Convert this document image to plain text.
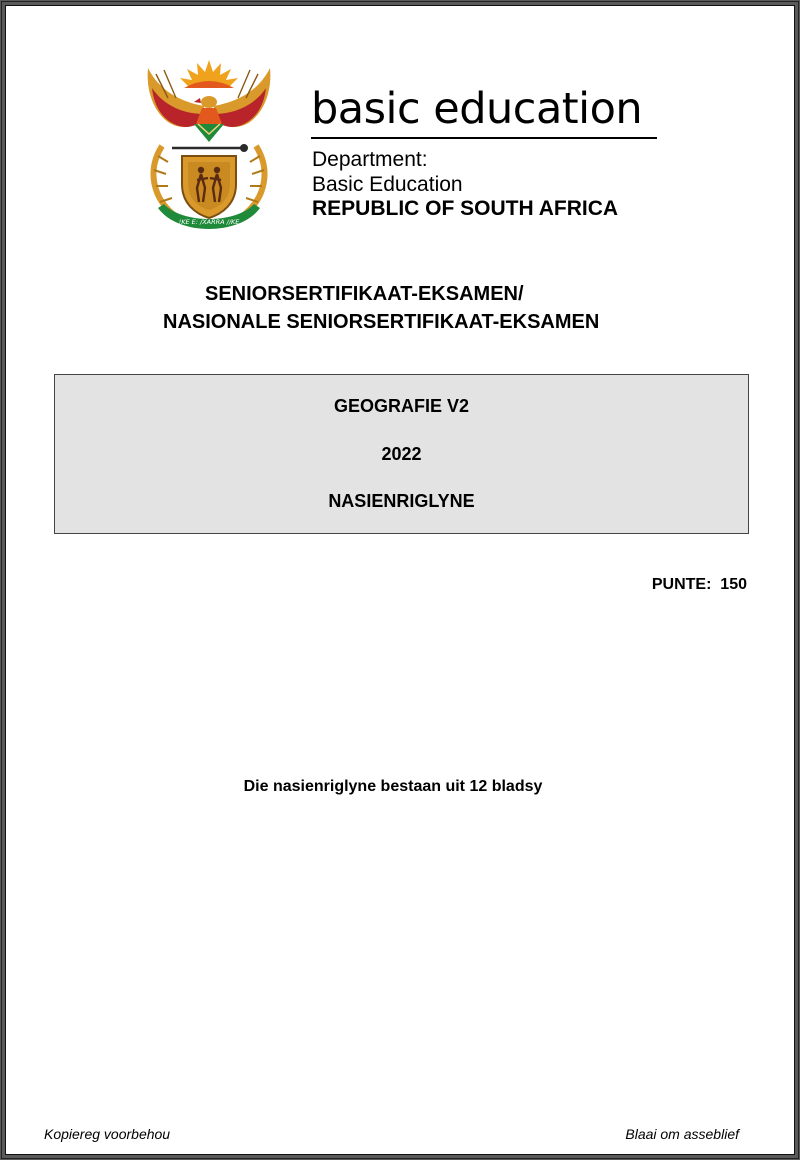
!KE E: /XARRA //KE
basic education
Department:
Basic Education
REPUBLIC OF SOUTH AFRICA
SENIORSERTIFIKAAT-EKSAMEN/
NASIONALE SENIORSERTIFIKAAT-EKSAMEN
GEOGRAFIE V2
2022
NASIENRIGLYNE
PUNTE:  150
Die nasienriglyne bestaan uit 12 bladsy
Kopiereg voorbehou	Blaai om asseblief
